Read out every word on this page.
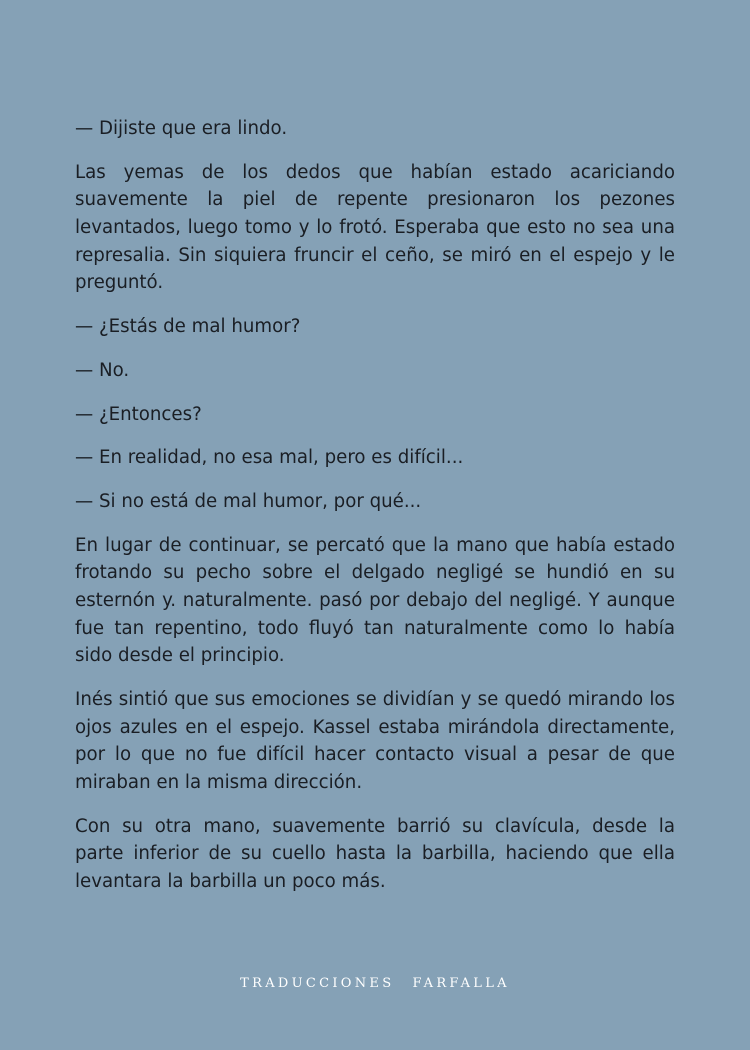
— Dijiste que era lindo.

Las yemas de los dedos que habían estado acariciando suavemente la piel de repente presionaron los pezones levantados, luego tomo y lo frotó. Esperaba que esto no sea una represalia. Sin siquiera fruncir el ceño, se miró en el espejo y le preguntó.

— ¿Estás de mal humor?

— No.

— ¿Entonces?

— En realidad, no esa mal, pero es difícil...

— Si no está de mal humor, por qué...

En lugar de continuar, se percató que la mano que había estado frotando su pecho sobre el delgado negligé se hundió en su esternón y. naturalmente. pasó por debajo del negligé. Y aunque fue tan repentino, todo fluyó tan naturalmente como lo había sido desde el principio.

Inés sintió que sus emociones se dividían y se quedó mirando los ojos azules en el espejo. Kassel estaba mirándola directamente, por lo que no fue difícil hacer contacto visual a pesar de que miraban en la misma dirección.

Con su otra mano, suavemente barrió su clavícula, desde la parte inferior de su cuello hasta la barbilla, haciendo que ella levantara la barbilla un poco más.

TRADUCCIONES FARFALLA
